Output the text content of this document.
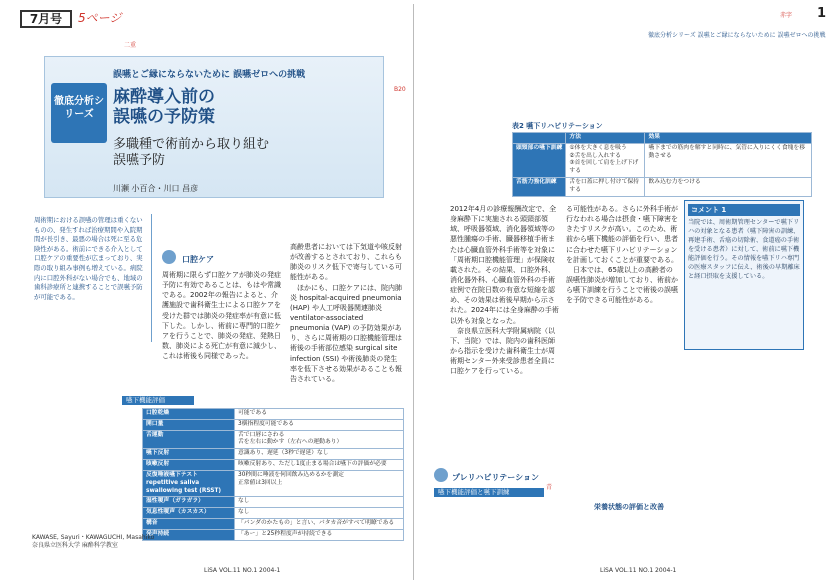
7月号	5ページ
二重
B20
徹底分析シリーズ
誤嚥とご縁にならないために 誤嚥ゼロへの挑戦
麻酔導入前の
誤嚥の予防策
多職種で術前から取り組む
誤嚥予防
川瀬 小百合・川口 昌彦
周術期における誤嚥の管理は重くないものの、発生すれば治療期間や入院期間が長引き、最悪の場合は死に至る危険性がある。術前にできる介入として口腔ケアの重要性が広まっており、実際の取り組み事例も増えている。病院内に口腔外科がない場合でも、地域の歯科診療所と連携することで誤嚥予防が可能である。
口腔ケア
周術期に限らず口腔ケアが肺炎の発症予防に有効であることは、もはや常識である。2002年の報告によると、介護施設で歯科衛生士による口腔ケアを受けた群では肺炎の発症率が有意に低下した。しかし、術前に専門的口腔ケアを行うことで、肺炎の発症、発熱日数、肺炎による死亡が有意に減少し、これは術後も同様であった。
高齢患者においては下気道や咳反射が改善するとされており、これらも肺炎のリスク低下で寄与している可能性がある。
　ほかにも、口腔ケアには、院内肺炎 hospital-acquired pneumonia (HAP) や人工呼吸器関連肺炎 ventilator-associated pneumonia (VAP) の予防効果があり、さらに周術期の口腔機能管理は術後の手術部位感染 surgical site infection (SSI) や術後肺炎の発生率を低下させる効果があることも報告されている。
嚥下機能評価
口腔乾燥	可能である
開口量	3横指程度可能である
舌運動	舌で口唇にさわる
舌を左右に動かす（左右への運動あり）
嚥下反射	意識あり、遅延（3秒で遅延）なし
咳嗽反射	咳嗽反射あり、ただし1度止まる場合は嚥下の評価が必要
反復唾液嚥下テスト repetitive saliva swallowing test (RSST)	30秒間に唾液を何回飲み込めるかを測定
正常値は3回以上
湿性嗄声（ガラガラ）	なし
気息性嗄声（カスカス）	なし
構音	「パンダのかたもの」と言い、パタカ音がすべて明瞭である
発声持続	「あー」と25秒程度声が持続できる
KAWASE, Sayuri・KAWAGUCHI, Masahiko
奈良県立医科大学 麻酔科学教室
LiSA VOL.11 NO.1 2004-1
1
徹底分析シリーズ 誤嚥とご縁にならないために 誤嚥ゼロへの挑戦
赤字
表2 嚥下リハビリテーション
	方法	効果
頭頸部の嚥下訓練	①体を大きく息を吸う
②舌を出し入れする
③首を回して肩を上げ下げする	嚥下までの筋肉を解すと同時に、気管に入りにくく食塊を移動させる
舌筋力強化訓練	舌を口蓋に押し付けて保持する	飲み込む力をつける
2012年4月の診療報酬改定で、全身麻酔下に実施される頭頸部領域、呼吸器領域、消化器領域等の悪性腫瘍の手術、臓器移植手術または心臓血管外科手術等を対象に「周術期口腔機能管理」が保険収載された。その結果、口腔外科、消化器外科、心臓血管外科の手術症例で在院日数の有意な短縮を認め、その効果は術後早期から示された。2024年には全身麻酔の手術以外も対象となった。
　奈良県立医科大学附属病院（以下、当院）では、院内の歯科医師から指示を受けた歯科衛生士が周術期センター外来受診患者全員に口腔ケアを行っている。
る可能性がある。さらに外科手術が行なわれる場合は摂食・嚥下障害をきたすリスクが高い。このため、術前から嚥下機能の評価を行い、患者に合わせた嚥下リハビリテーションを計画しておくことが重要である。
　日本では、65歳以上の高齢者の誤嚥性肺炎が増加しており、術前から嚥下訓練を行うことで術後の誤嚥を予防できる可能性がある。
コメント 1
当院では、周術期管理センターで嚥下リハの対象となる患者（嚥下障害の訓練、再建手術、舌癌の切除術、食道癌の手術を受ける患者）に対して、術前に嚥下機能評価を行う。その情報を嚥下リハ専門の医療スタッフに伝え、術後の早期離床と経口摂取を支援している。
プレリハビリテーション
嚥下機能評価と嚥下訓練
栄養状態の評価と改善
青
LiSA VOL.11 NO.1 2004-1
